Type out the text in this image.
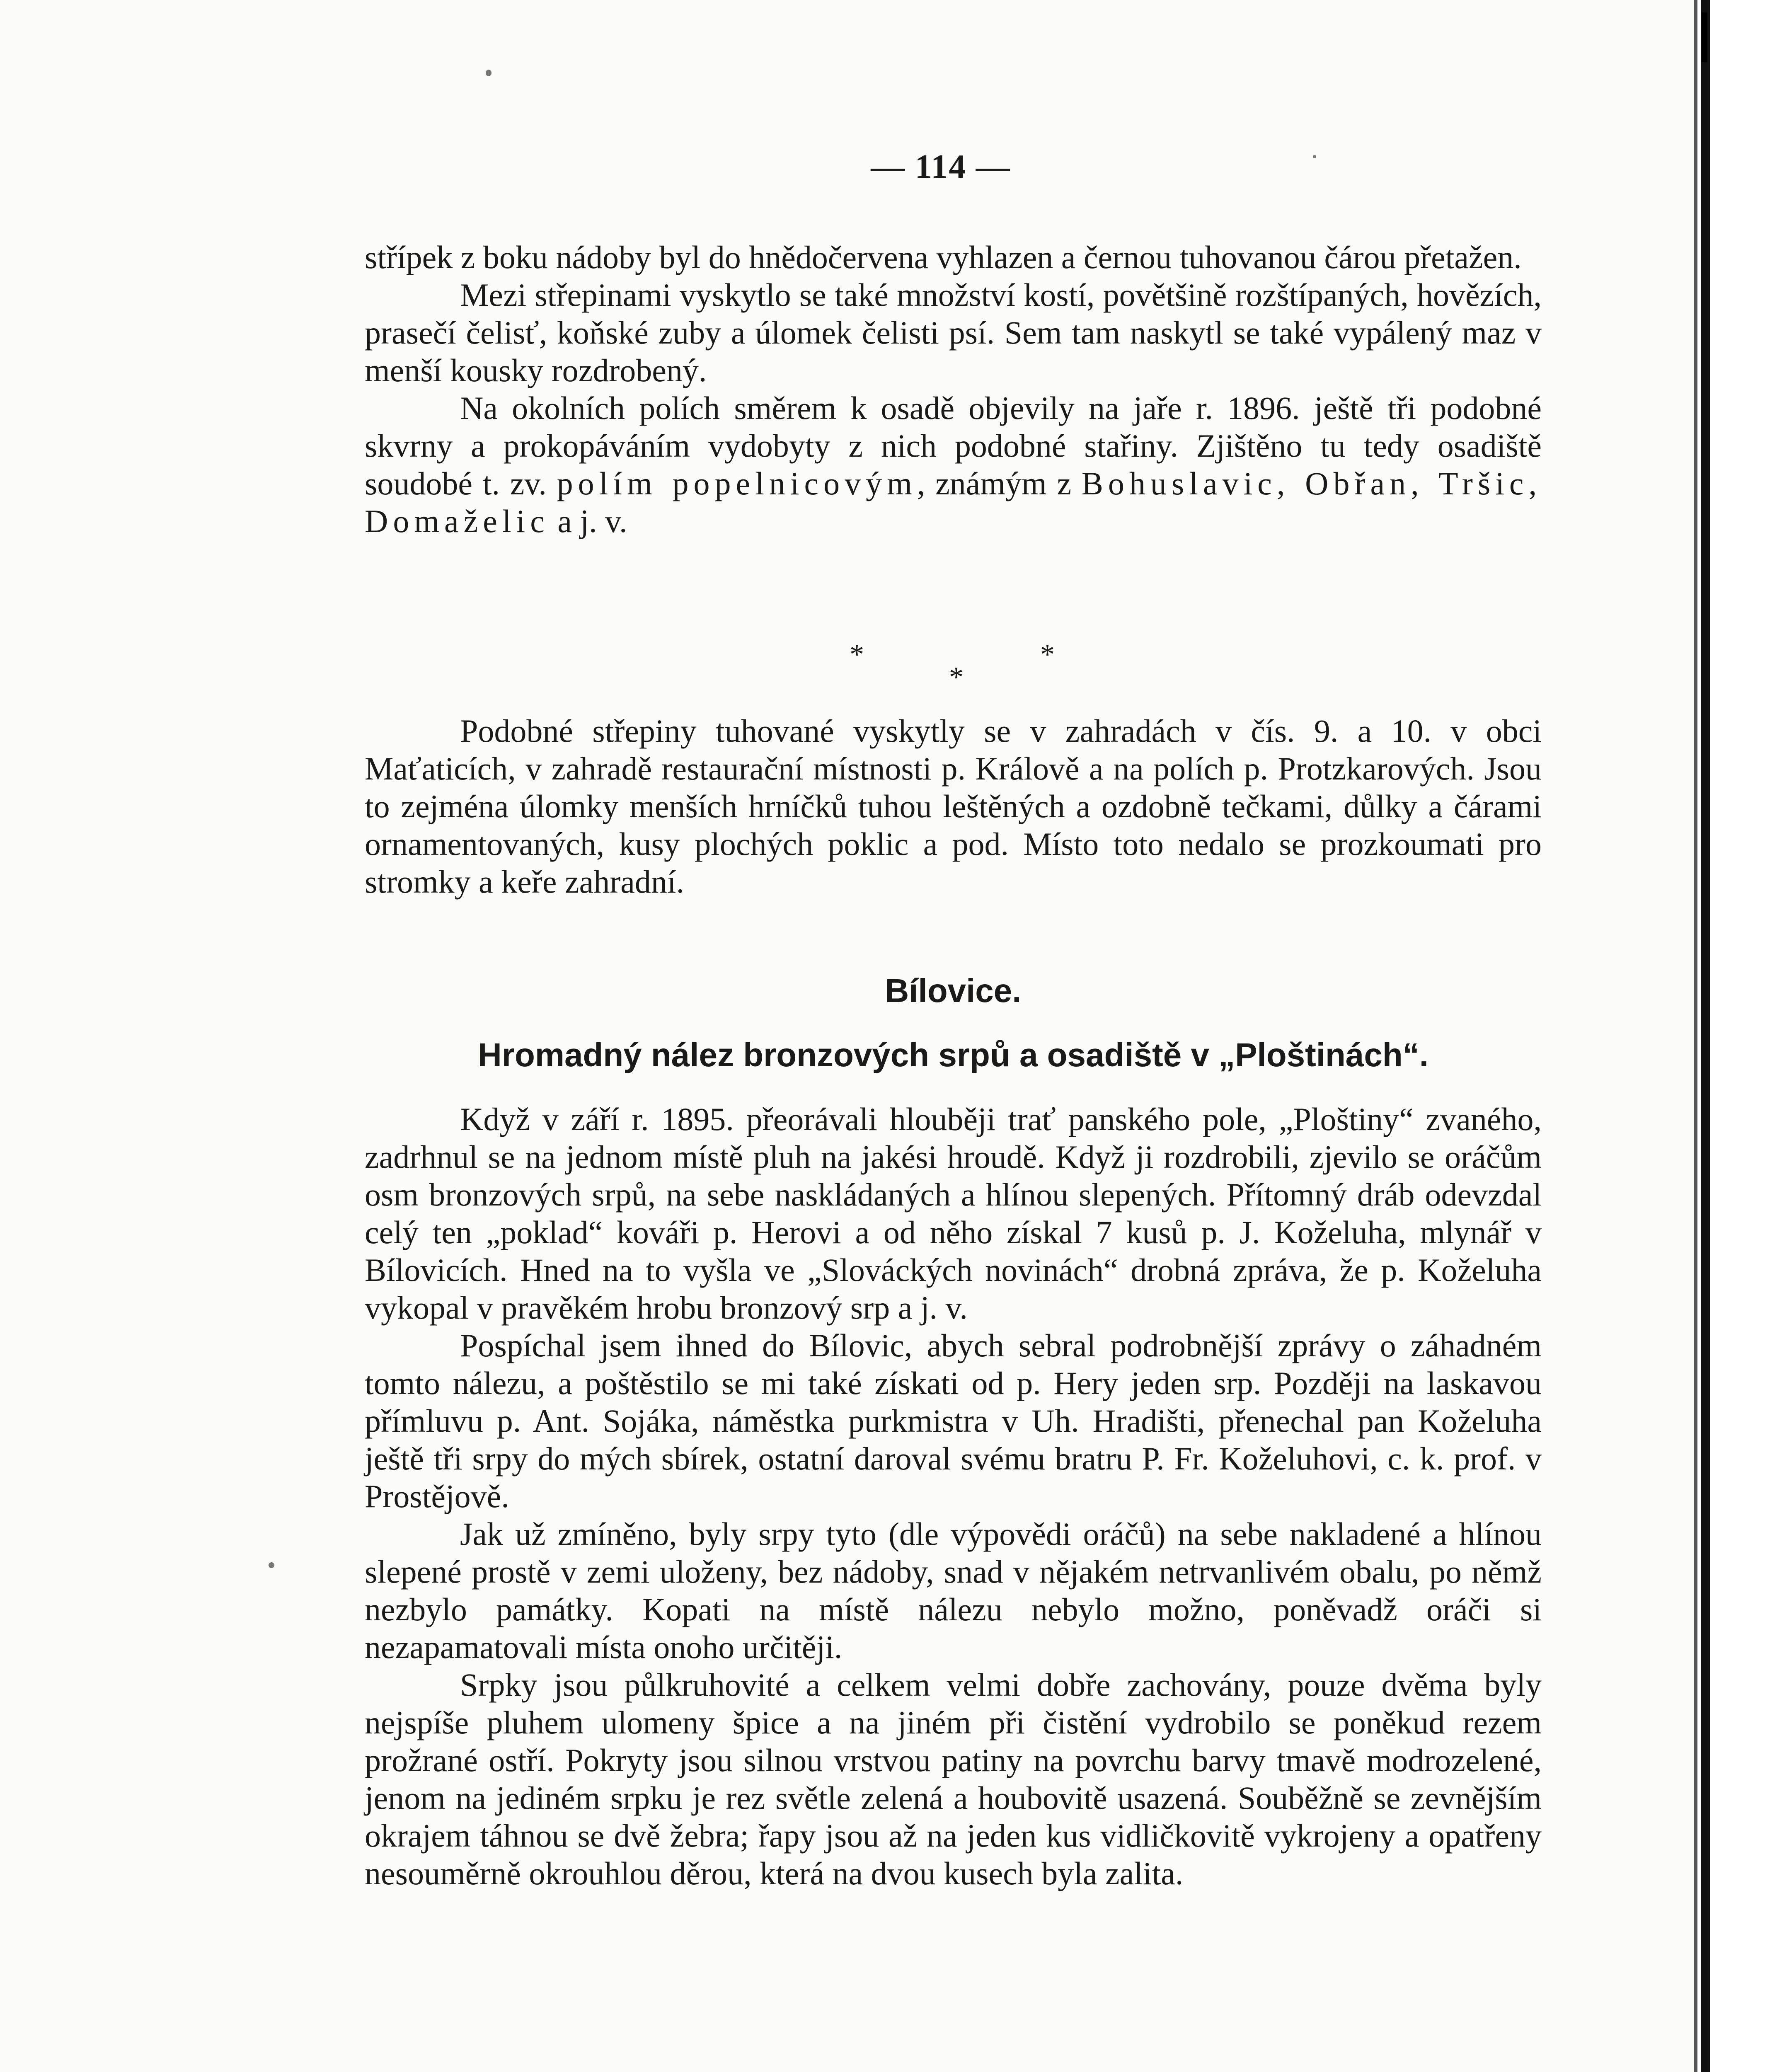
— 114 —

střípek z boku nádoby byl do hnědočervena vyhlazen a černou tuhovanou čárou přetažen.

Mezi střepinami vyskytlo se také množství kostí, povětšině rozštípaných, hovězích, prasečí čelisť, koňské zuby a úlomek čelisti psí. Sem tam naskytl se také vypálený maz v menší kousky rozdrobený.

Na okolních polích směrem k osadě objevily na jaře r. 1896. ještě tři podobné skvrny a prokopáváním vydobyty z nich podobné stařiny. Zjištěno tu tedy osadiště soudobé t. zv. polím popelnicovým, známým z Bohuslavic, Obřan, Tršic, Domaželic a j. v.

*
*
*

Podobné střepiny tuhované vyskytly se v zahradách v čís. 9. a 10. v obci Maťaticích, v zahradě restaurační místnosti p. Králově a na polích p. Protzkarových. Jsou to zejména úlomky menších hrníčků tuhou leštěných a ozdobně tečkami, důlky a čárami ornamentovaných, kusy plochých poklic a pod. Místo toto nedalo se prozkoumati pro stromky a keře zahradní.

Bílovice.
Hromadný nález bronzových srpů a osadiště v „Ploštinách“.

Když v září r. 1895. přeorávali hlouběji trať panského pole, „Ploštiny“ zvaného, zadrhnul se na jednom místě pluh na jakési hroudě. Když ji rozdrobili, zjevilo se oráčům osm bronzových srpů, na sebe naskládaných a hlínou slepených. Přítomný dráb odevzdal celý ten „poklad“ kováři p. Herovi a od něho získal 7 kusů p. J. Koželuha, mlynář v Bílovicích. Hned na to vyšla ve „Slováckých novinách“ drobná zpráva, že p. Koželuha vykopal v pravěkém hrobu bronzový srp a j. v.

Pospíchal jsem ihned do Bílovic, abych sebral podrobnější zprávy o záhadném tomto nálezu, a poštěstilo se mi také získati od p. Hery jeden srp. Později na laskavou přímluvu p. Ant. Sojáka, náměstka purkmistra v Uh. Hradišti, přenechal pan Koželuha ještě tři srpy do mých sbírek, ostatní daroval svému bratru P. Fr. Koželuhovi, c. k. prof. v Prostějově.

Jak už zmíněno, byly srpy tyto (dle výpovědi oráčů) na sebe nakladené a hlínou slepené prostě v zemi uloženy, bez nádoby, snad v nějakém netrvanlivém obalu, po němž nezbylo památky. Kopati na místě nálezu nebylo možno, poněvadž oráči si nezapamatovali místa onoho určitěji.

Srpky jsou půlkruhovité a celkem velmi dobře zachovány, pouze dvěma byly nejspíše pluhem ulomeny špice a na jiném při čistění vydrobilo se poněkud rezem prožrané ostří. Pokryty jsou silnou vrstvou patiny na povrchu barvy tmavě modrozelené, jenom na jediném srpku je rez světle zelená a houbovitě usazená. Souběžně se zevnějším okrajem táhnou se dvě žebra; řapy jsou až na jeden kus vidličkovitě vykrojeny a opatřeny nesouměrně okrouhlou děrou, která na dvou kusech byla zalita.
